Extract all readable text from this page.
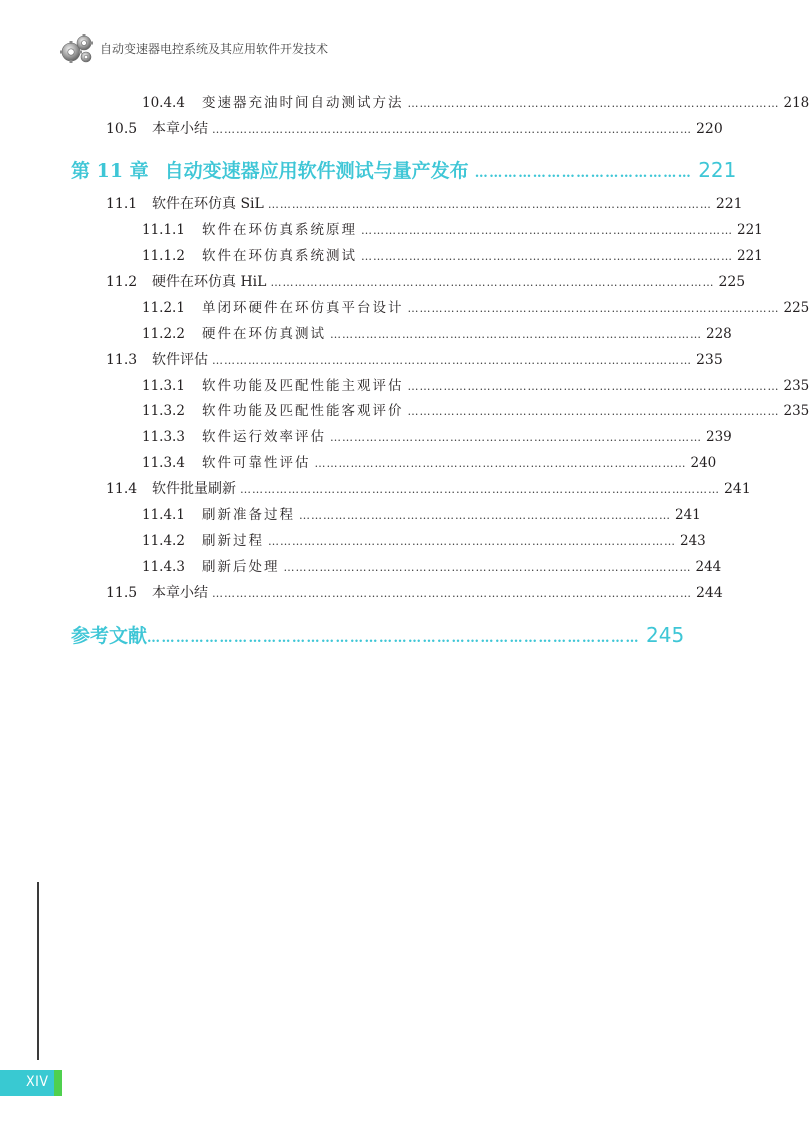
自动变速器电控系统及其应用软件开发技术
10.4.4	变速器充油时间自动测试方法 ………………………………………………………………………………… 218
10.5	本章小结 ………………………………………………………………………………………………………… 220
第 11 章 自动变速器应用软件测试与量产发布 ……………………………………… 221
11.1	软件在环仿真 SiL ………………………………………………………………………………………………… 221
11.1.1	软件在环仿真系统原理 ………………………………………………………………………………… 221
11.1.2	软件在环仿真系统测试 ………………………………………………………………………………… 221
11.2	硬件在环仿真 HiL ………………………………………………………………………………………………… 225
11.2.1	单闭环硬件在环仿真平台设计 ………………………………………………………………………………… 225
11.2.2	硬件在环仿真测试 ………………………………………………………………………………… 228
11.3	软件评估 ………………………………………………………………………………………………………… 235
11.3.1	软件功能及匹配性能主观评估 ………………………………………………………………………………… 235
11.3.2	软件功能及匹配性能客观评价 ………………………………………………………………………………… 235
11.3.3	软件运行效率评估 ………………………………………………………………………………… 239
11.3.4	软件可靠性评估 ………………………………………………………………………………… 240
11.4	软件批量刷新 ………………………………………………………………………………………………………… 241
11.4.1	刷新准备过程 ………………………………………………………………………………… 241
11.4.2	刷新过程 ………………………………………………………………………………………… 243
11.4.3	刷新后处理 ………………………………………………………………………………………… 244
11.5	本章小结 ………………………………………………………………………………………………………… 244
参考文献 ………………………………………………………………………………………… 245
XIV
